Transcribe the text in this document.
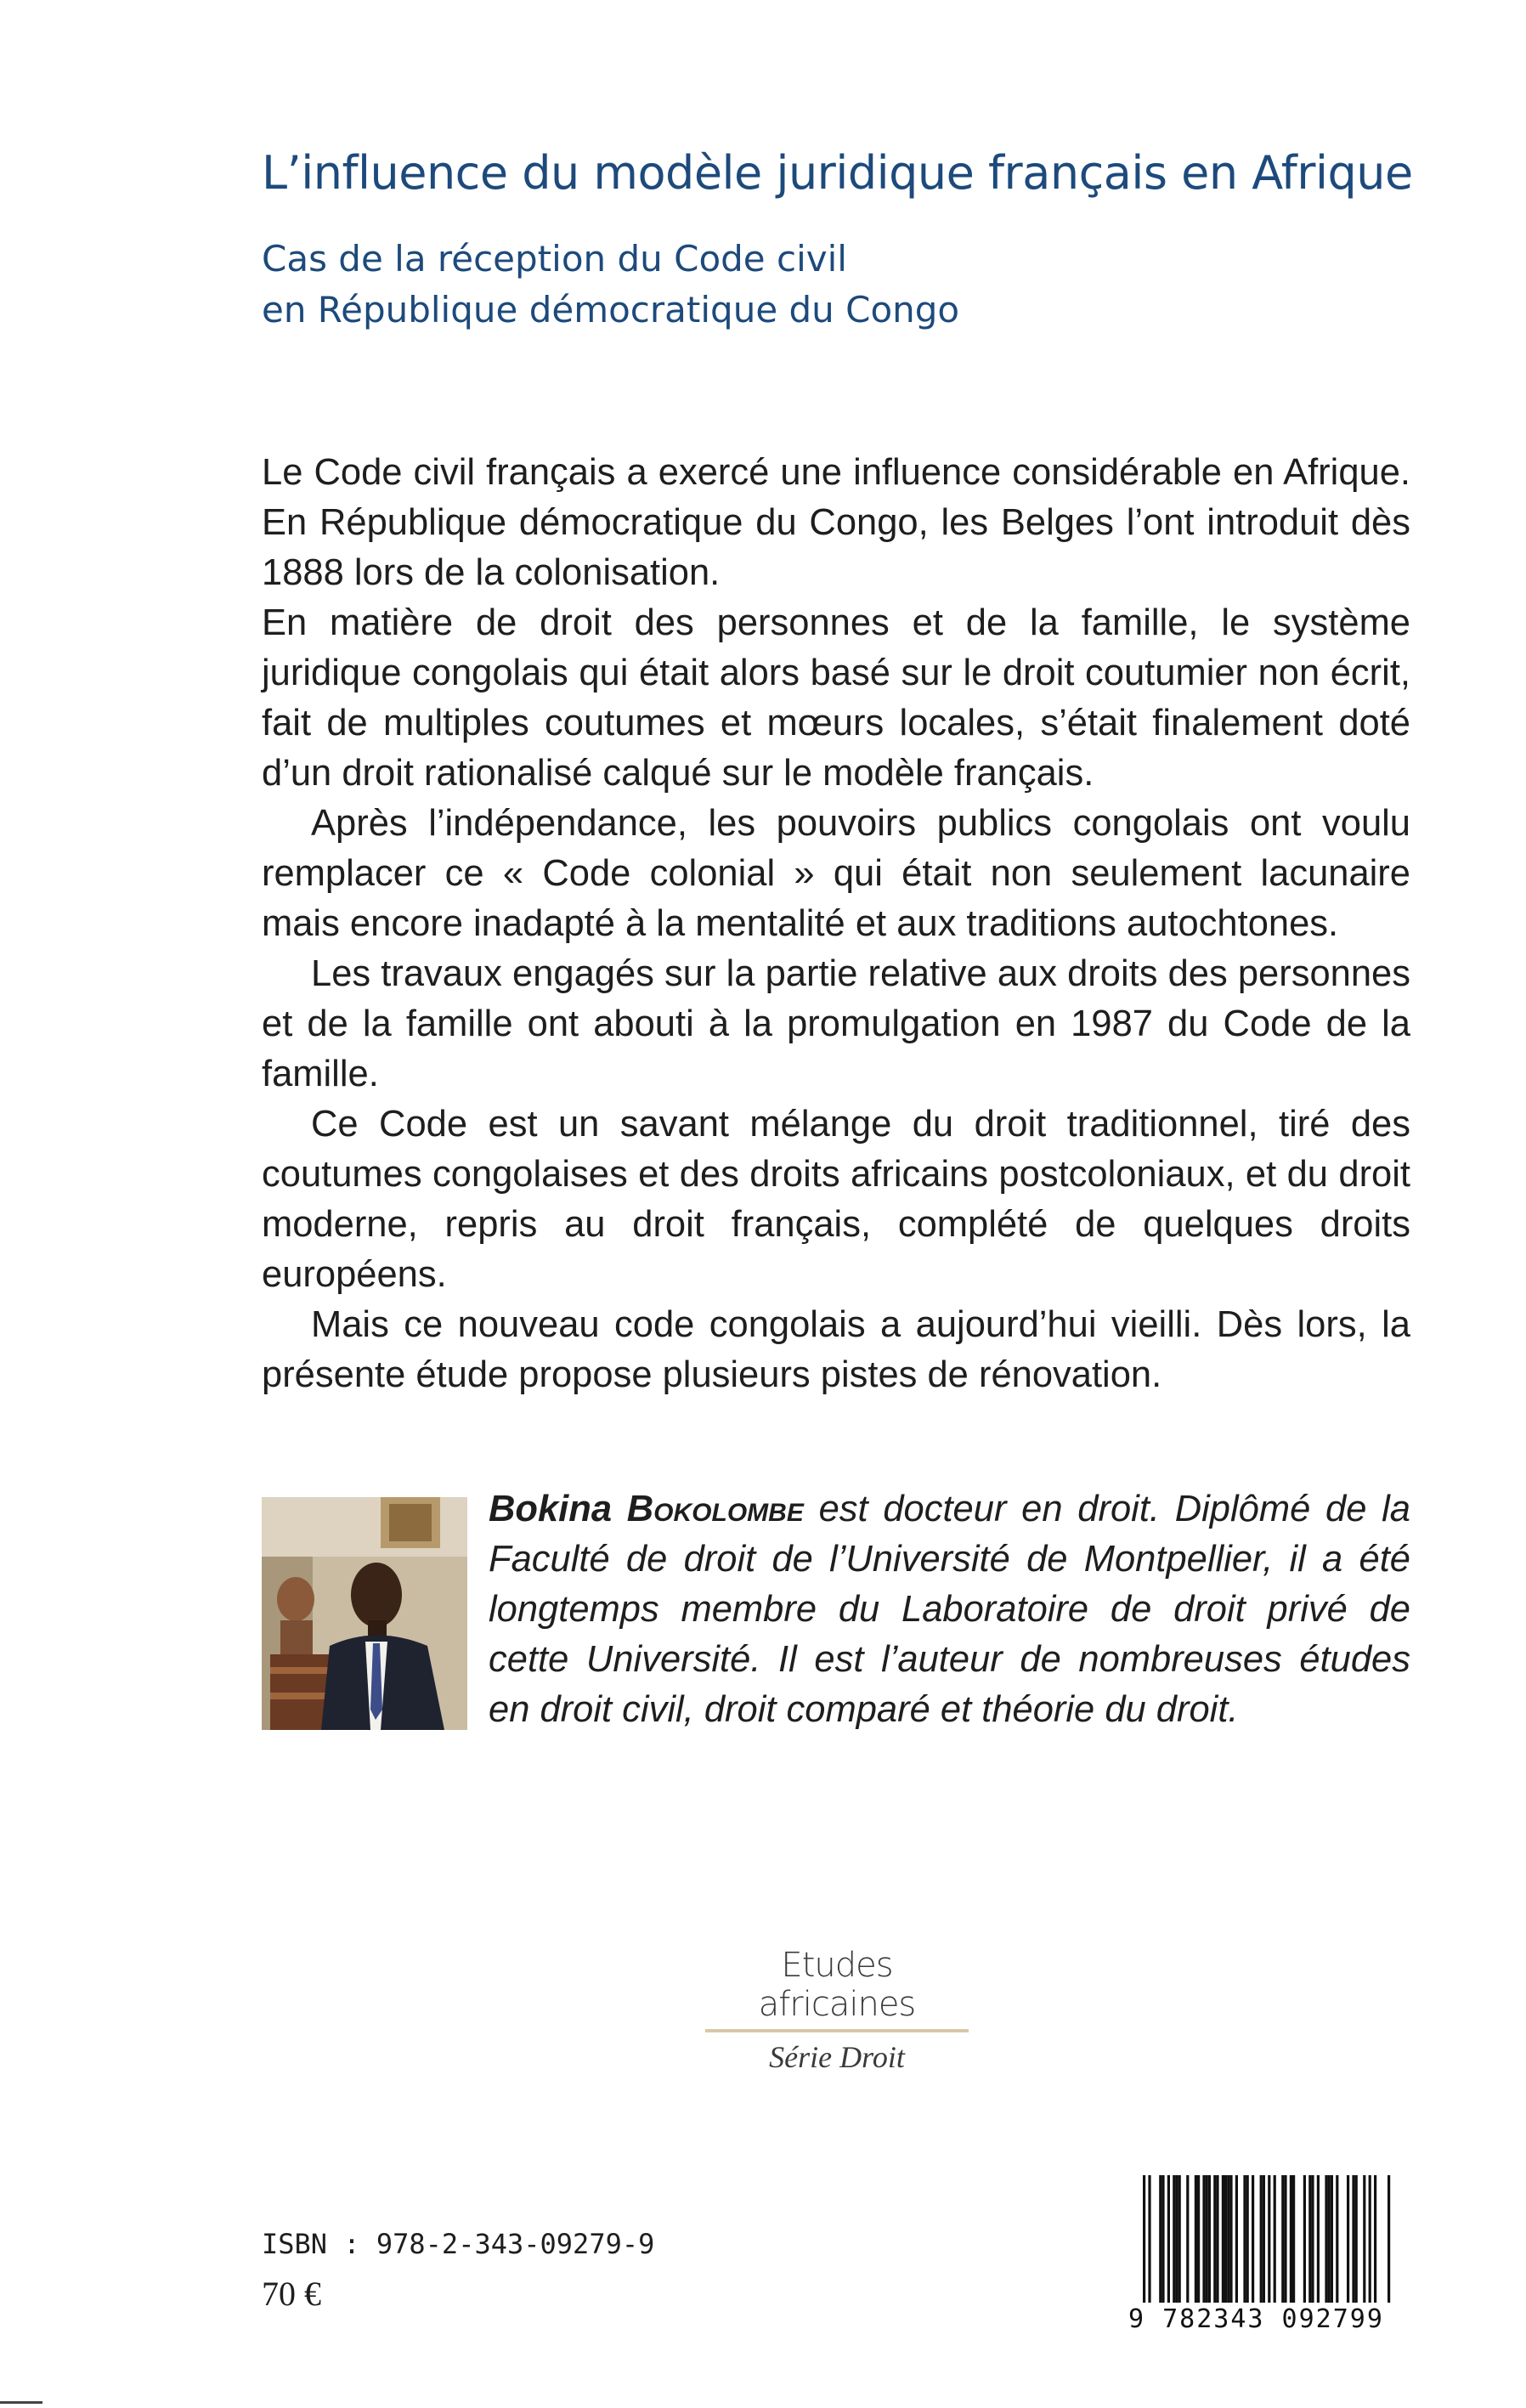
L’influence du modèle juridique français en Afrique
Cas de la réception du Code civil
en République démocratique du Congo

Le Code civil français a exercé une influence considérable en Afrique. En République démocratique du Congo, les Belges l’ont introduit dès 1888 lors de la colonisation.

En matière de droit des personnes et de la famille, le système juridique congolais qui était alors basé sur le droit coutumier non écrit, fait de multiples coutumes et mœurs locales, s’était finalement doté d’un droit rationalisé calqué sur le modèle français.

Après l’indépendance, les pouvoirs publics congolais ont voulu remplacer ce « Code colonial » qui était non seulement lacunaire mais encore inadapté à la mentalité et aux traditions autochtones.

Les travaux engagés sur la partie relative aux droits des personnes et de la famille ont abouti à la promulgation en 1987 du Code de la famille.

Ce Code est un savant mélange du droit traditionnel, tiré des coutumes congolaises et des droits africains postcoloniaux, et du droit moderne, repris au droit français, complété de quelques droits européens.

Mais ce nouveau code congolais a aujourd’hui vieilli. Dès lors, la présente étude propose plusieurs pistes de rénovation.

Bokina Bokolombe est docteur en droit. Diplômé de la Faculté de droit de l’Université de Montpellier, il a été longtemps membre du Laboratoire de droit privé de cette Université. Il est l’auteur de nombreuses études en droit civil, droit comparé et théorie du droit.
Etudes africaines
Série Droit
ISBN : 978-2-343-09279-9
70 €
9 782343 092799
